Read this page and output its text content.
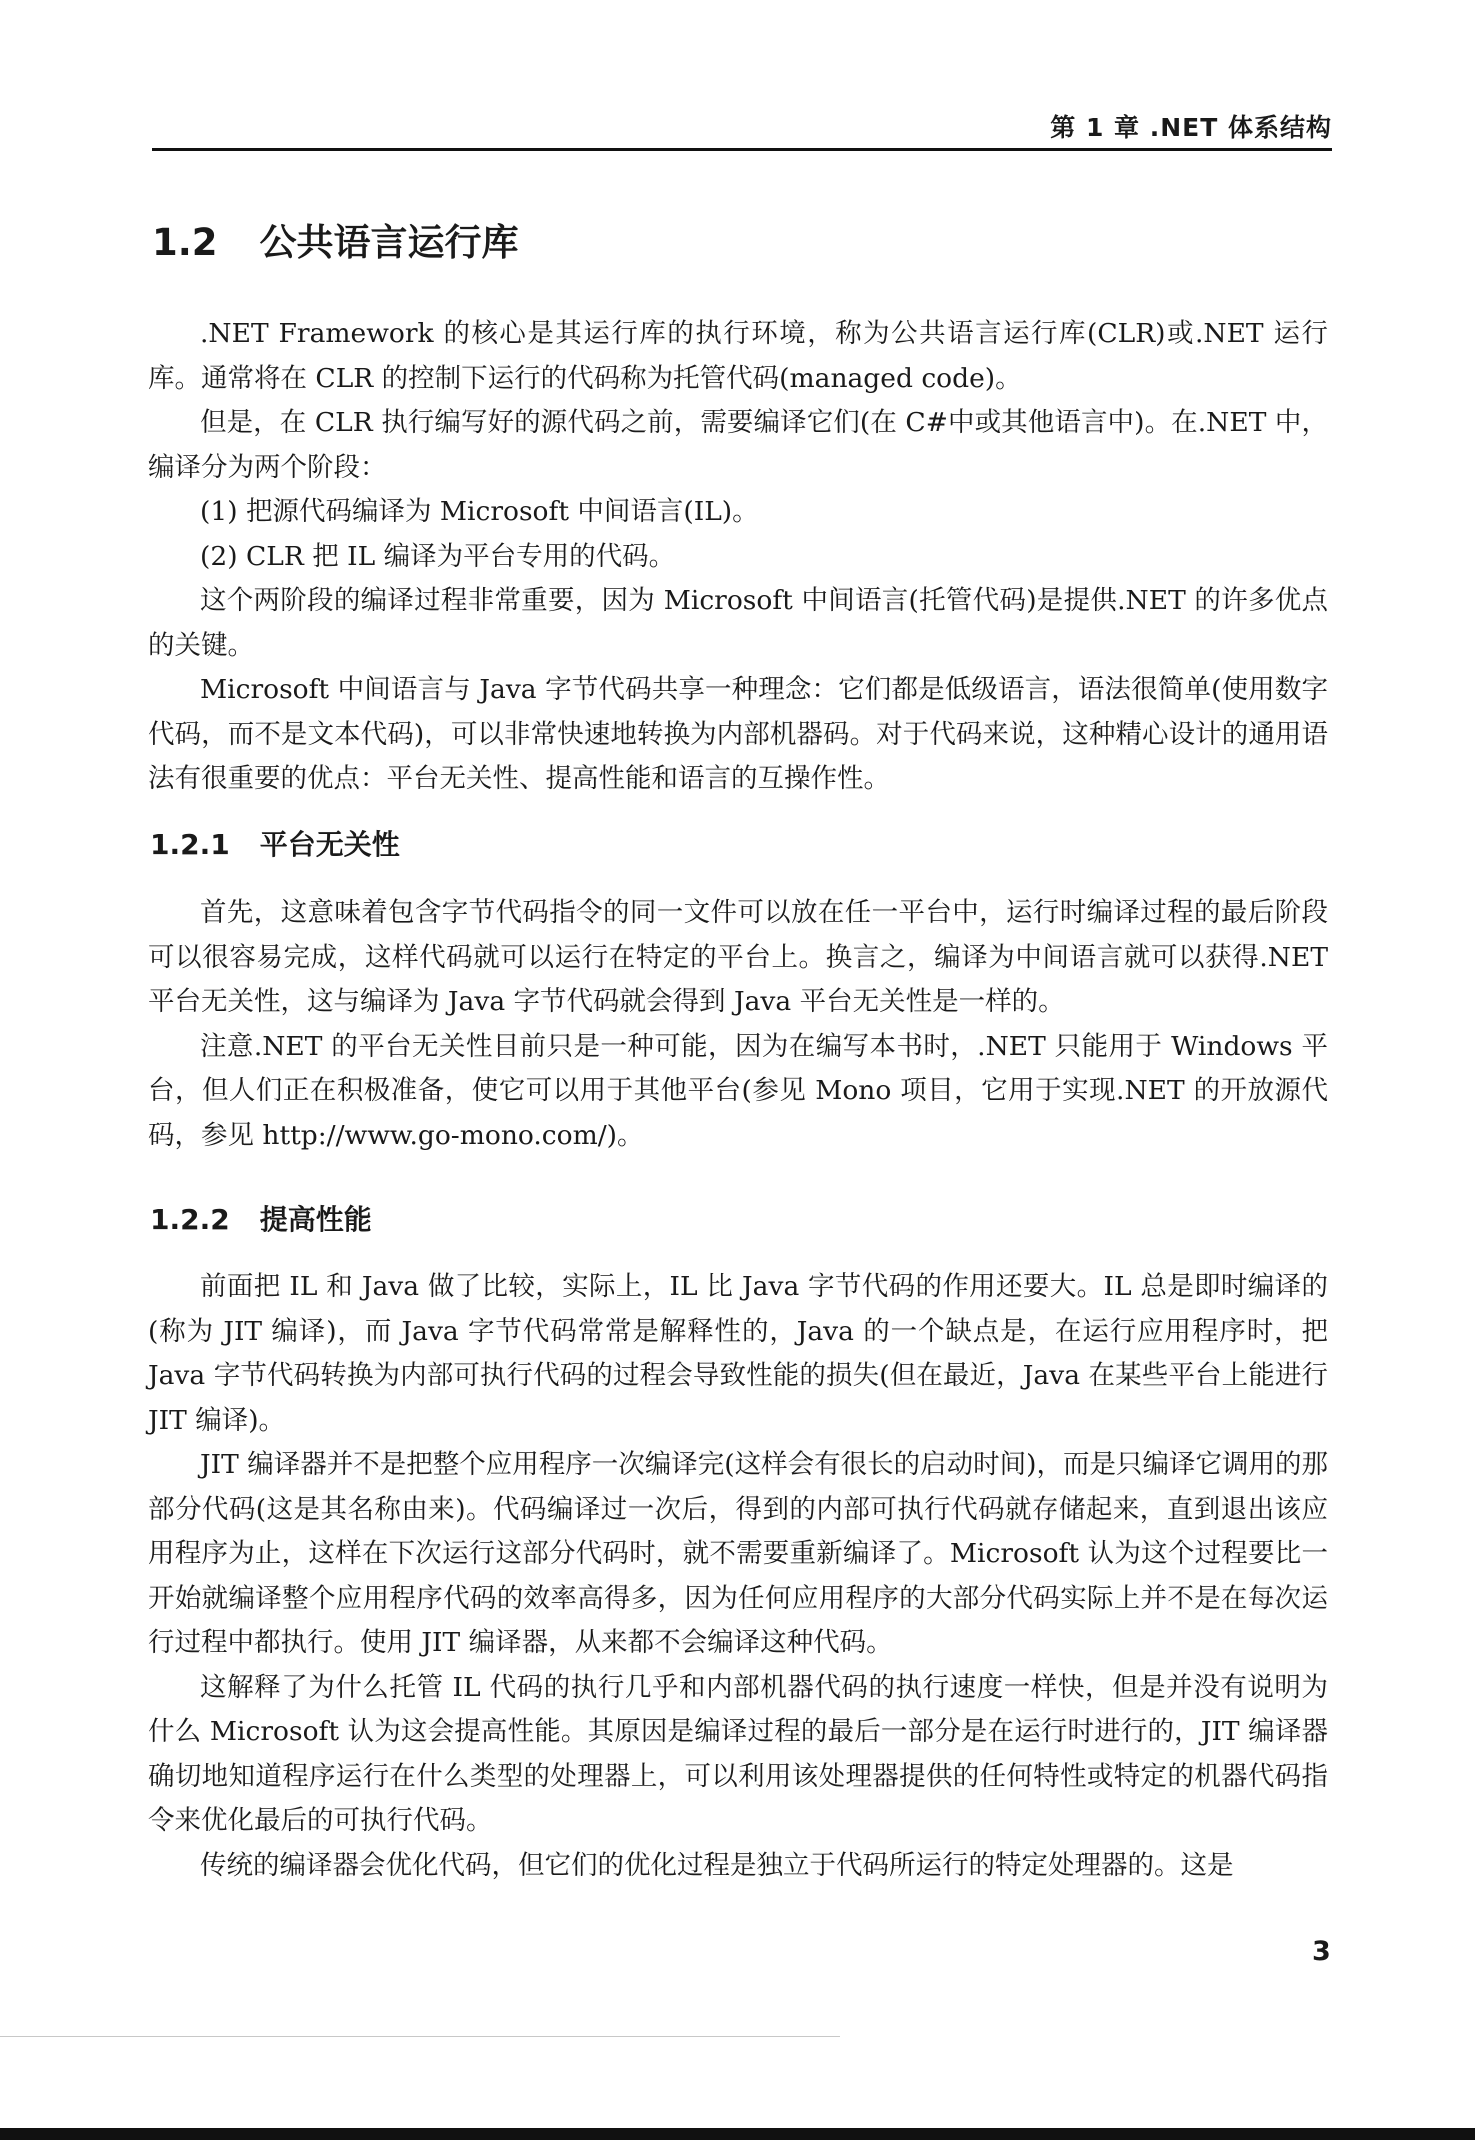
第 1 章 .NET 体系结构
1.2 公共语言运行库

.NET Framework 的核心是其运行库的执行环境，称为公共语言运行库(CLR)或.NET 运行库。通常将在 CLR 的控制下运行的代码称为托管代码(managed code)。

但是，在 CLR 执行编写好的源代码之前，需要编译它们(在 C#中或其他语言中)。在.NET 中，编译分为两个阶段：

(1) 把源代码编译为 Microsoft 中间语言(IL)。

(2) CLR 把 IL 编译为平台专用的代码。

这个两阶段的编译过程非常重要，因为 Microsoft 中间语言(托管代码)是提供.NET 的许多优点的关键。

Microsoft 中间语言与 Java 字节代码共享一种理念：它们都是低级语言，语法很简单(使用数字代码，而不是文本代码)，可以非常快速地转换为内部机器码。对于代码来说，这种精心设计的通用语法有很重要的优点：平台无关性、提高性能和语言的互操作性。

1.2.1 平台无关性

首先，这意味着包含字节代码指令的同一文件可以放在任一平台中，运行时编译过程的最后阶段可以很容易完成，这样代码就可以运行在特定的平台上。换言之，编译为中间语言就可以获得.NET 平台无关性，这与编译为 Java 字节代码就会得到 Java 平台无关性是一样的。

注意.NET 的平台无关性目前只是一种可能，因为在编写本书时，.NET 只能用于 Windows 平台，但人们正在积极准备，使它可以用于其他平台(参见 Mono 项目，它用于实现.NET 的开放源代码，参见 http://www.go-mono.com/)。

1.2.2 提高性能

前面把 IL 和 Java 做了比较，实际上，IL 比 Java 字节代码的作用还要大。IL 总是即时编译的(称为 JIT 编译)，而 Java 字节代码常常是解释性的，Java 的一个缺点是，在运行应用程序时，把 Java 字节代码转换为内部可执行代码的过程会导致性能的损失(但在最近，Java 在某些平台上能进行 JIT 编译)。

JIT 编译器并不是把整个应用程序一次编译完(这样会有很长的启动时间)，而是只编译它调用的那部分代码(这是其名称由来)。代码编译过一次后，得到的内部可执行代码就存储起来，直到退出该应用程序为止，这样在下次运行这部分代码时，就不需要重新编译了。Microsoft 认为这个过程要比一开始就编译整个应用程序代码的效率高得多，因为任何应用程序的大部分代码实际上并不是在每次运行过程中都执行。使用 JIT 编译器，从来都不会编译这种代码。

这解释了为什么托管 IL 代码的执行几乎和内部机器代码的执行速度一样快，但是并没有说明为什么 Microsoft 认为这会提高性能。其原因是编译过程的最后一部分是在运行时进行的，JIT 编译器确切地知道程序运行在什么类型的处理器上，可以利用该处理器提供的任何特性或特定的机器代码指令来优化最后的可执行代码。

传统的编译器会优化代码，但它们的优化过程是独立于代码所运行的特定处理器的。这是

3
